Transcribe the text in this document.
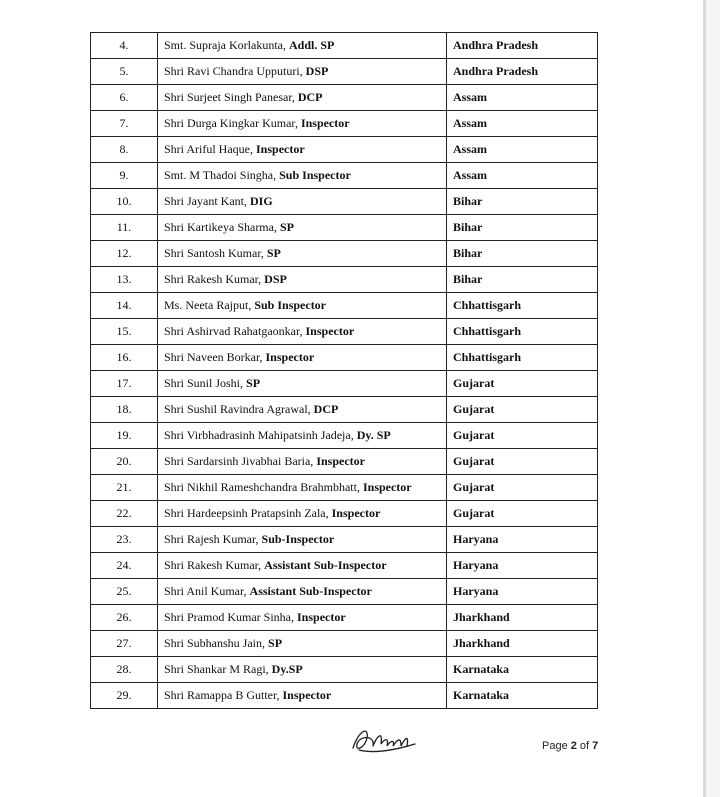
4.	Smt. Supraja Korlakunta, Addl. SP	Andhra Pradesh
5.	Shri Ravi Chandra Upputuri, DSP	Andhra Pradesh
6.	Shri Surjeet Singh Panesar, DCP	Assam
7.	Shri Durga Kingkar Kumar, Inspector	Assam
8.	Shri Ariful Haque, Inspector	Assam
9.	Smt. M Thadoi Singha, Sub Inspector	Assam
10.	Shri Jayant Kant, DIG	Bihar
11.	Shri Kartikeya Sharma, SP	Bihar
12.	Shri Santosh Kumar, SP	Bihar
13.	Shri Rakesh Kumar, DSP	Bihar
14.	Ms. Neeta Rajput, Sub Inspector	Chhattisgarh
15.	Shri Ashirvad Rahatgaonkar, Inspector	Chhattisgarh
16.	Shri Naveen Borkar, Inspector	Chhattisgarh
17.	Shri Sunil Joshi, SP	Gujarat
18.	Shri Sushil Ravindra Agrawal, DCP	Gujarat
19.	Shri Virbhadrasinh Mahipatsinh Jadeja, Dy. SP	Gujarat
20.	Shri Sardarsinh Jivabhai Baria, Inspector	Gujarat
21.	Shri Nikhil Rameshchandra Brahmbhatt, Inspector	Gujarat
22.	Shri Hardeepsinh Pratapsinh Zala, Inspector	Gujarat
23.	Shri Rajesh Kumar, Sub-Inspector	Haryana
24.	Shri Rakesh Kumar, Assistant Sub-Inspector	Haryana
25.	Shri Anil Kumar, Assistant Sub-Inspector	Haryana
26.	Shri Pramod Kumar Sinha, Inspector	Jharkhand
27.	Shri Subhanshu Jain, SP	Jharkhand
28.	Shri Shankar M Ragi, Dy.SP	Karnataka
29.	Shri Ramappa B Gutter, Inspector	Karnataka
Page 2 of 7
